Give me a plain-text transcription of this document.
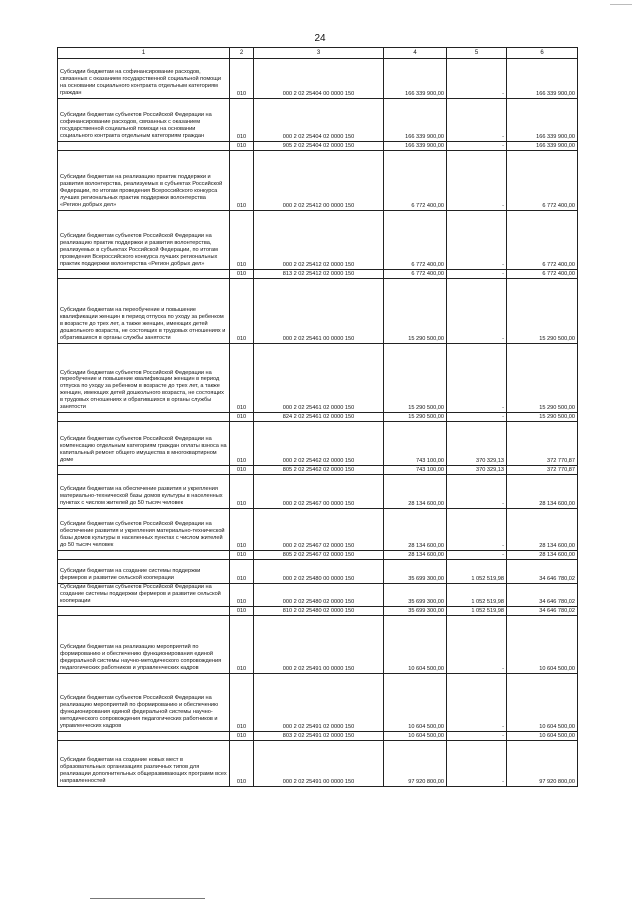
24
1	2	3	4	5	6
Субсидии бюджетам на софинансирование расходов, связанных с оказанием государственной социальной помощи на основании социального контракта отдельным категориям граждан	010	000 2 02 25404 00 0000 150	166 339 900,00	-	166 339 900,00
Субсидии бюджетам субъектов Российской Федерации на софинансирование расходов, связанных с оказанием государственной социальной помощи на основании социального контракта отдельным категориям граждан	010	000 2 02 25404 02 0000 150	166 339 900,00	-	166 339 900,00
	010	905 2 02 25404 02 0000 150	166 339 900,00	-	166 339 900,00
Субсидии бюджетам на реализацию практик поддержки и развития волонтерства, реализуемых в субъектах Российской Федерации, по итогам проведения Всероссийского конкурса лучших региональных практик поддержки волонтерства «Регион добрых дел»	010	000 2 02 25412 00 0000 150	6 772 400,00	-	6 772 400,00
Субсидии бюджетам субъектов Российской Федерации на реализацию практик поддержки и развития волонтерства, реализуемых в субъектах Российской Федерации, по итогам проведения Всероссийского конкурса лучших региональных практик поддержки волонтерства «Регион добрых дел»	010	000 2 02 25412 02 0000 150	6 772 400,00	-	6 772 400,00
	010	813 2 02 25412 02 0000 150	6 772 400,00	-	6 772 400,00
Субсидии бюджетам на переобучение и повышение квалификации женщин в период отпуска по уходу за ребенком в возрасте до трех лет, а также женщин, имеющих детей дошкольного возраста, не состоящих в трудовых отношениях и обратившихся в органы службы занятости	010	000 2 02 25461 00 0000 150	15 290 500,00	-	15 290 500,00
Субсидии бюджетам субъектов Российской Федерации на переобучение и повышение квалификации женщин в период отпуска по уходу за ребенком в возрасте до трех лет, а также женщин, имеющих детей дошкольного возраста, не состоящих в трудовых отношениях и обратившихся в органы службы занятости	010	000 2 02 25461 02 0000 150	15 290 500,00	-	15 290 500,00
	010	824 2 02 25461 02 0000 150	15 290 500,00	-	15 290 500,00
Субсидии бюджетам субъектов Российской Федерации на компенсацию отдельным категориям граждан оплаты взноса на капитальный ремонт общего имущества в многоквартирном доме	010	000 2 02 25462 02 0000 150	743 100,00	370 329,13	372 770,87
	010	805 2 02 25462 02 0000 150	743 100,00	370 329,13	372 770,87
Субсидии бюджетам на обеспечение развития и укрепления материально-технической базы домов культуры в населенных пунктах с числом жителей до 50 тысяч человек	010	000 2 02 25467 00 0000 150	28 134 600,00	-	28 134 600,00
Субсидии бюджетам субъектов Российской Федерации на обеспечение развития и укрепления материально-технической базы домов культуры в населенных пунктах с числом жителей до 50 тысяч человек	010	000 2 02 25467 02 0000 150	28 134 600,00	-	28 134 600,00
	010	805 2 02 25467 02 0000 150	28 134 600,00	-	28 134 600,00
Субсидии бюджетам на создание системы поддержки фермеров и развитие сельской кооперации	010	000 2 02 25480 00 0000 150	35 699 300,00	1 052 519,98	34 646 780,02
Субсидии бюджетам субъектов Российской Федерации на создание системы поддержки фермеров и развитие сельской кооперации	010	000 2 02 25480 02 0000 150	35 699 300,00	1 052 519,98	34 646 780,02
	010	810 2 02 25480 02 0000 150	35 699 300,00	1 052 519,98	34 646 780,02
Субсидии бюджетам на реализацию мероприятий по формированию и обеспечению функционирования единой федеральной системы научно-методического сопровождения педагогических работников и управленческих кадров	010	000 2 02 25491 00 0000 150	10 604 500,00	-	10 604 500,00
Субсидии бюджетам субъектов Российской Федерации на реализацию мероприятий по формированию и обеспечению функционирования единой федеральной системы научно-методического сопровождения педагогических работников и управленческих кадров	010	000 2 02 25491 02 0000 150	10 604 500,00	-	10 604 500,00
	010	803 2 02 25491 02 0000 150	10 604 500,00	-	10 604 500,00
Субсидии бюджетам на создание новых мест в образовательных организациях различных типов для реализации дополнительных общеразвивающих программ всех направленностей	010	000 2 02 25491 00 0000 150	97 920 800,00	-	97 920 800,00
